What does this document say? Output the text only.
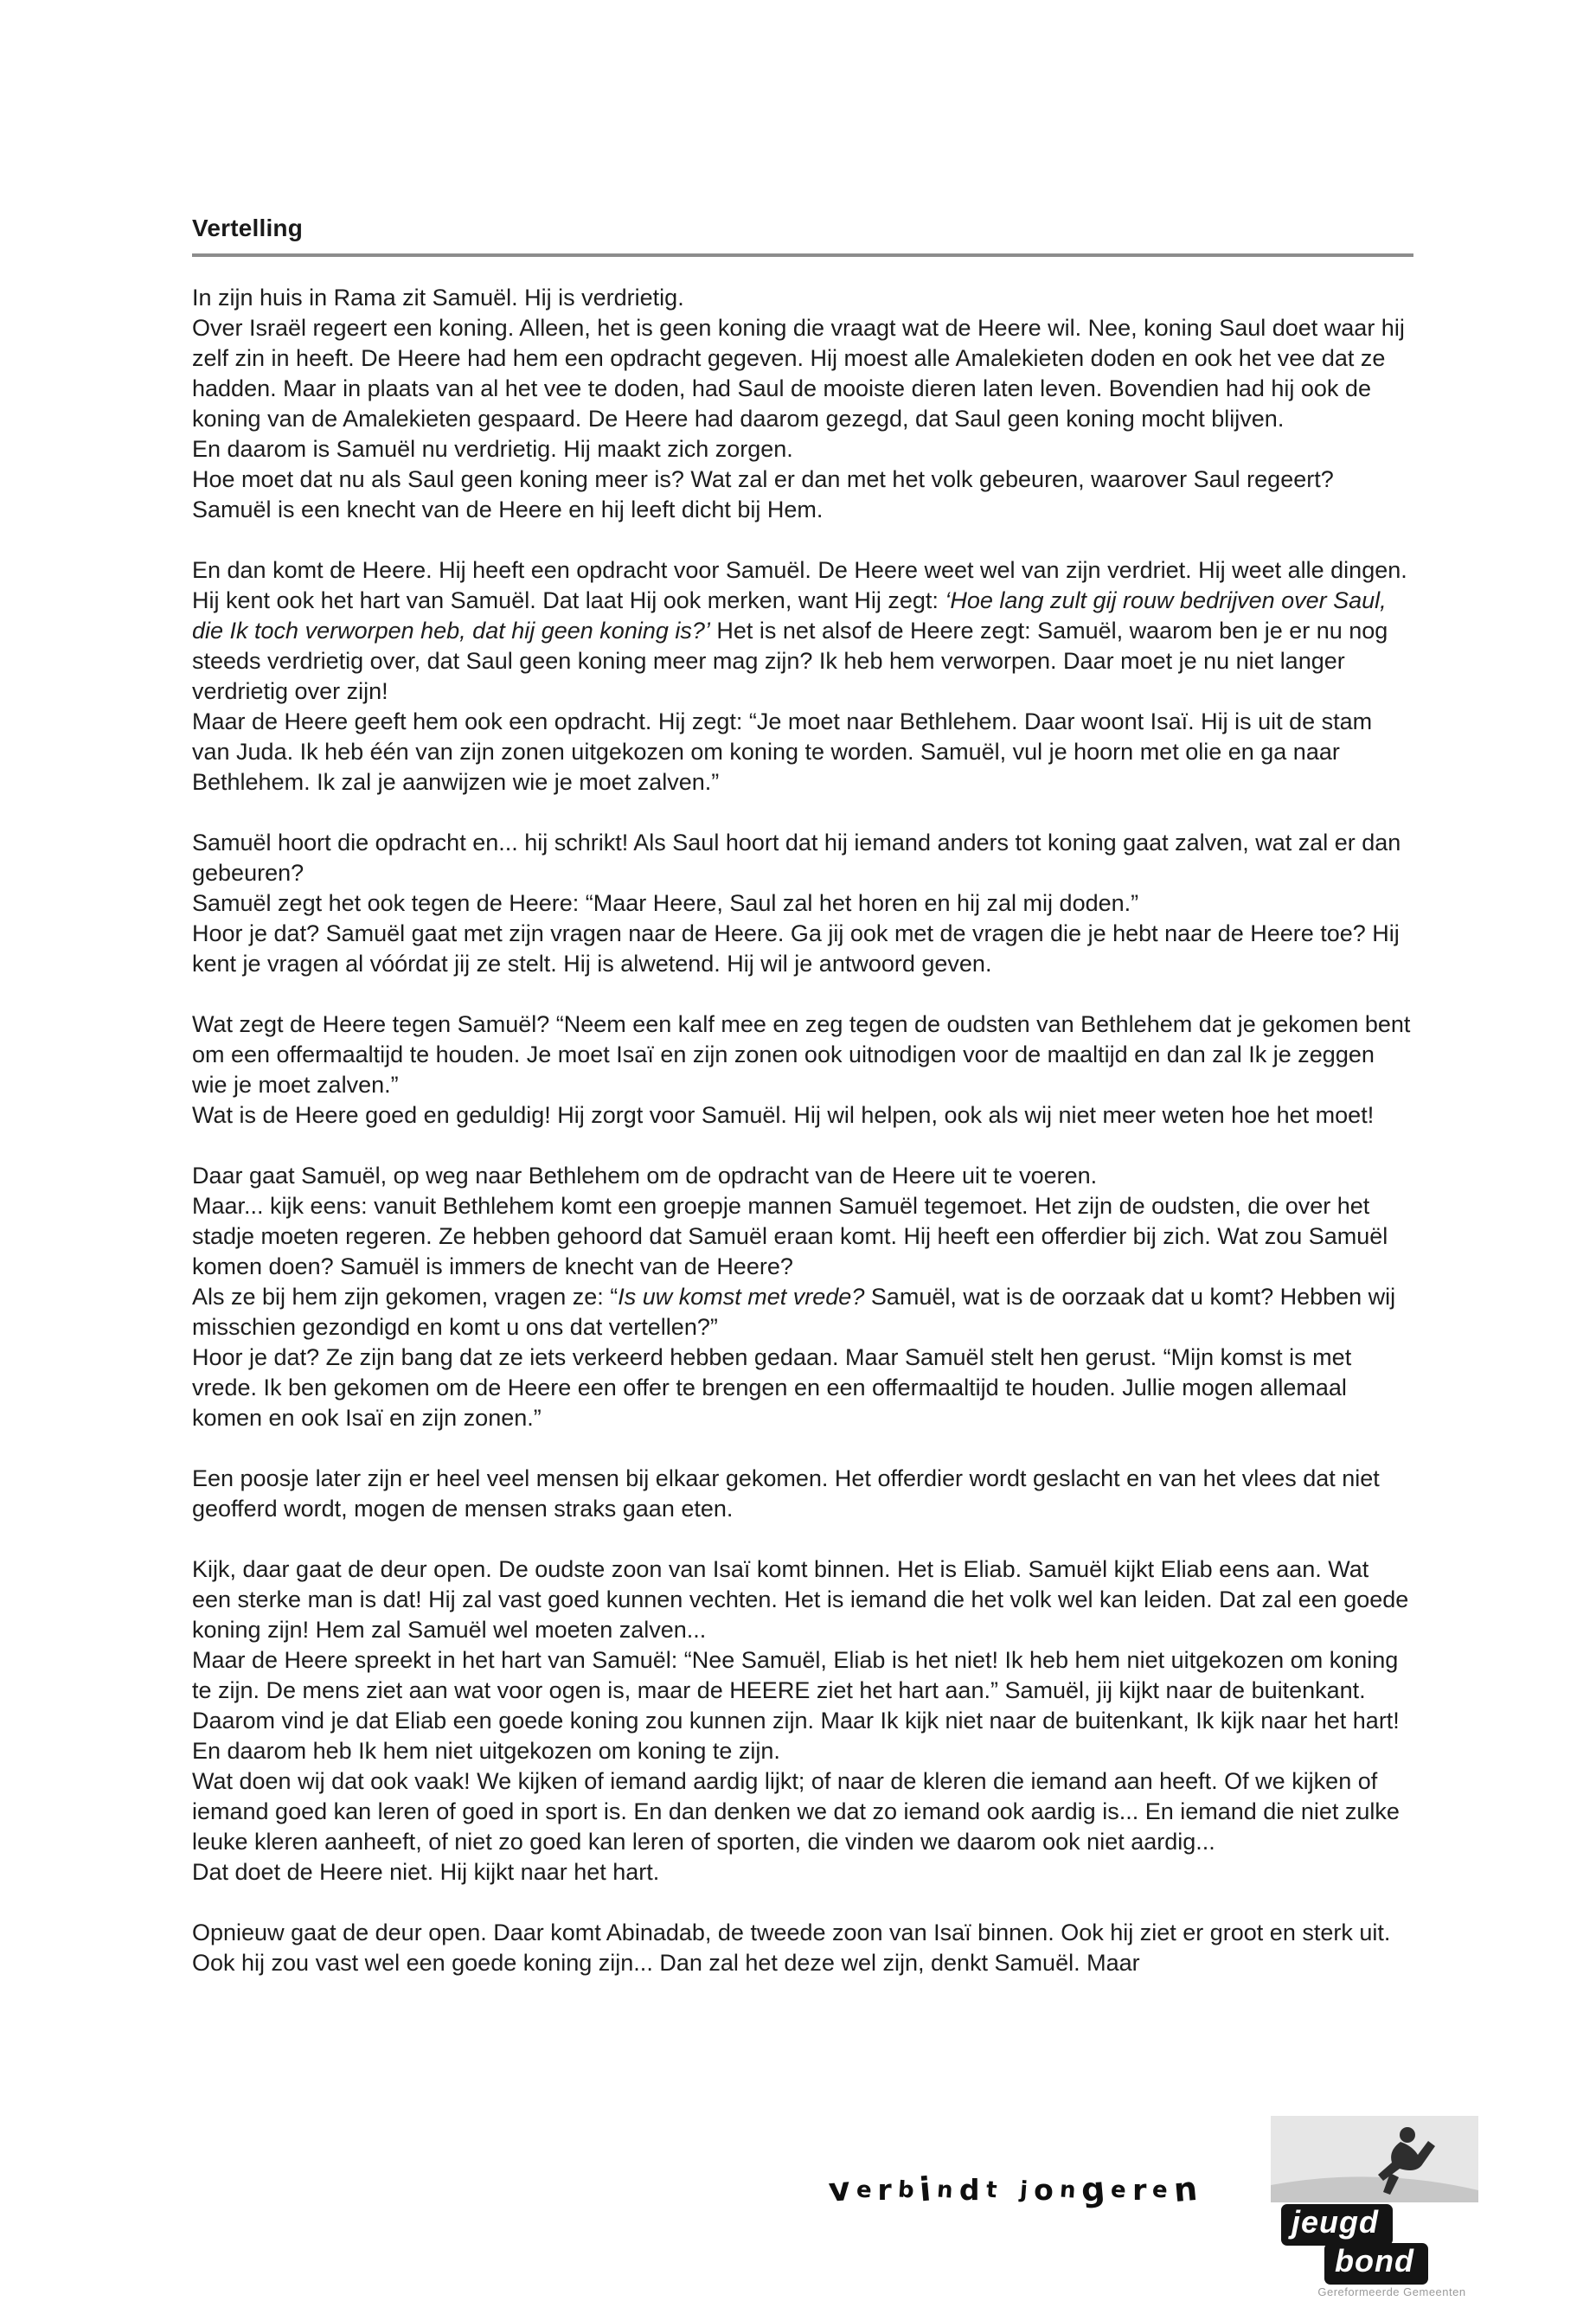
Vertelling
In zijn huis in Rama zit Samuël. Hij is verdrietig.
Over Israël regeert een koning. Alleen, het is geen koning die vraagt wat de Heere wil. Nee, koning Saul doet waar hij zelf zin in heeft. De Heere had hem een opdracht gegeven. Hij moest alle Amalekieten doden en ook het vee dat ze hadden. Maar in plaats van al het vee te doden, had Saul de mooiste dieren laten leven. Bovendien had hij ook de koning van de Amalekieten gespaard. De Heere had daarom gezegd, dat Saul geen koning mocht blijven.
En daarom is Samuël nu verdrietig. Hij maakt zich zorgen.
Hoe moet dat nu als Saul geen koning meer is? Wat zal er dan met het volk gebeuren, waarover Saul regeert? Samuël is een knecht van de Heere en hij leeft dicht bij Hem.
En dan komt de Heere. Hij heeft een opdracht voor Samuël. De Heere weet wel van zijn verdriet. Hij weet alle dingen. Hij kent ook het hart van Samuël. Dat laat Hij ook merken, want Hij zegt: ‘Hoe lang zult gij rouw bedrijven over Saul, die Ik toch verworpen heb, dat hij geen koning is?’ Het is net alsof de Heere zegt: Samuël, waarom ben je er nu nog steeds verdrietig over, dat Saul geen koning meer mag zijn? Ik heb hem verworpen. Daar moet je nu niet langer verdrietig over zijn!
Maar de Heere geeft hem ook een opdracht. Hij zegt: “Je moet naar Bethlehem. Daar woont Isaï. Hij is uit de stam van Juda. Ik heb één van zijn zonen uitgekozen om koning te worden. Samuël, vul je hoorn met olie en ga naar Bethlehem. Ik zal je aanwijzen wie je moet zalven.”
Samuël hoort die opdracht en... hij schrikt! Als Saul hoort dat hij iemand anders tot koning gaat zalven, wat zal er dan gebeuren?
Samuël zegt het ook tegen de Heere: “Maar Heere, Saul zal het horen en hij zal mij doden.”
Hoor je dat? Samuël gaat met zijn vragen naar de Heere. Ga jij ook met de vragen die je hebt naar de Heere toe? Hij kent je vragen al vóórdat jij ze stelt. Hij is alwetend. Hij wil je antwoord geven.
Wat zegt de Heere tegen Samuël? “Neem een kalf mee en zeg tegen de oudsten van Bethlehem dat je gekomen bent om een offermaaltijd te houden. Je moet Isaï en zijn zonen ook uitnodigen voor de maaltijd en dan zal Ik je zeggen wie je moet zalven.”
Wat is de Heere goed en geduldig! Hij zorgt voor Samuël. Hij wil helpen, ook als wij niet meer weten hoe het moet!
Daar gaat Samuël, op weg naar Bethlehem om de opdracht van de Heere uit te voeren.
Maar... kijk eens: vanuit Bethlehem komt een groepje mannen Samuël tegemoet. Het zijn de oudsten, die over het stadje moeten regeren. Ze hebben gehoord dat Samuël eraan komt. Hij heeft een offerdier bij zich. Wat zou Samuël komen doen? Samuël is immers de knecht van de Heere?
Als ze bij hem zijn gekomen, vragen ze: “Is uw komst met vrede? Samuël, wat is de oorzaak dat u komt? Hebben wij misschien gezondigd en komt u ons dat vertellen?”
Hoor je dat? Ze zijn bang dat ze iets verkeerd hebben gedaan. Maar Samuël stelt hen gerust. “Mijn komst is met vrede. Ik ben gekomen om de Heere een offer te brengen en een offermaaltijd te houden. Jullie mogen allemaal komen en ook Isaï en zijn zonen.”
Een poosje later zijn er heel veel mensen bij elkaar gekomen. Het offerdier wordt geslacht en van het vlees dat niet geofferd wordt, mogen de mensen straks gaan eten.
Kijk, daar gaat de deur open. De oudste zoon van Isaï komt binnen. Het is Eliab. Samuël kijkt Eliab eens aan. Wat een sterke man is dat! Hij zal vast goed kunnen vechten. Het is iemand die het volk wel kan leiden. Dat zal een goede koning zijn! Hem zal Samuël wel moeten zalven...
Maar de Heere spreekt in het hart van Samuël: “Nee Samuël, Eliab is het niet! Ik heb hem niet uitgekozen om koning te zijn. De mens ziet aan wat voor ogen is, maar de HEERE ziet het hart aan.” Samuël, jij kijkt naar de buitenkant. Daarom vind je dat Eliab een goede koning zou kunnen zijn. Maar Ik kijk niet naar de buitenkant, Ik kijk naar het hart! En daarom heb Ik hem niet uitgekozen om koning te zijn.
Wat doen wij dat ook vaak! We kijken of iemand aardig lijkt; of naar de kleren die iemand aan heeft. Of we kijken of iemand goed kan leren of goed in sport is. En dan denken we dat zo iemand ook aardig is... En iemand die niet zulke leuke kleren aanheeft, of niet zo goed kan leren of sporten, die vinden we daarom ook niet aardig...
Dat doet de Heere niet. Hij kijkt naar het hart.
Opnieuw gaat de deur open. Daar komt Abinadab, de tweede zoon van Isaï binnen. Ook hij ziet er groot en sterk uit. Ook hij zou vast wel een goede koning zijn... Dan zal het deze wel zijn, denkt Samuël. Maar
v e r b i n d t j o n g e r e n
jeugd
bond
Gereformeerde Gemeenten
